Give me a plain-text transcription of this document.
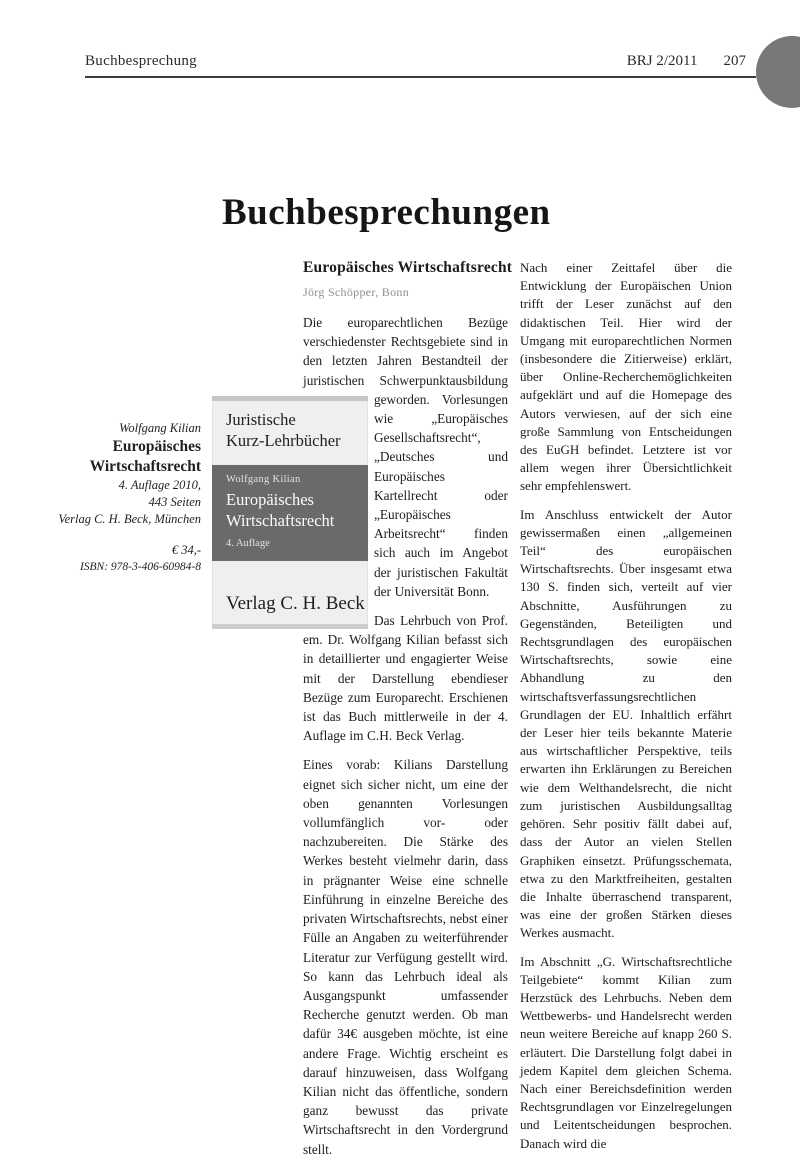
Buchbesprechung	BRJ 2/2011 207
Buchbesprechungen
Europäisches Wirtschaftsrecht
Jörg Schöpper, Bonn
Wolfgang Kilian
Europäisches
Wirtschaftsrecht
4. Auflage 2010,
443 Seiten
Verlag C. H. Beck, München
€ 34,-
ISBN: 978-3-406-60984-8
Juristische
Kurz-Lehrbücher
Wolfgang Kilian
Europäisches
Wirtschaftsrecht
4. Auflage
Verlag C. H. Beck

Die europarechtlichen Bezüge verschiedenster Rechtsgebiete sind in den letzten Jahren Bestandteil der juristischen Schwerpunktausbildung geworden. Vorlesungen wie „Europäisches Gesellschaftsrecht“, „Deutsches und Europäisches Kartellrecht oder „Europäisches Arbeitsrecht“ finden sich auch im Angebot der juristischen Fakultät der Universität Bonn.

Das Lehrbuch von Prof. em. Dr. Wolfgang Kilian befasst sich in detaillierter und engagierter Weise mit der Darstellung ebendieser Bezüge zum Europarecht. Erschienen ist das Buch mittlerweile in der 4. Auflage im C.H. Beck Verlag.

Eines vorab: Kilians Darstellung eignet sich sicher nicht, um eine der oben genannten Vorlesungen vollumfänglich vor- oder nachzubereiten. Die Stärke des Werkes besteht vielmehr darin, dass in prägnanter Weise eine schnelle Einführung in einzelne Bereiche des privaten Wirtschaftsrechts, nebst einer Fülle an Angaben zu weiterführender Literatur zur Verfügung gestellt wird. So kann das Lehrbuch ideal als Ausgangspunkt umfassender Recherche genutzt werden. Ob man dafür 34€ ausgeben möchte, ist eine andere Frage. Wichtig erscheint es darauf hinzuweisen, dass Wolfgang Kilian nicht das öffentliche, sondern ganz bewusst das private Wirtschaftsrecht in den Vordergrund stellt.

Nach einer Zeittafel über die Entwicklung der Europäischen Union trifft der Leser zunächst auf den didaktischen Teil. Hier wird der Umgang mit europarechtlichen Normen (insbesondere die Zitierweise) erklärt, über Online-Recherchemöglichkeiten aufgeklärt und auf die Homepage des Autors verwiesen, auf der sich eine große Sammlung von Entscheidungen des EuGH befindet. Letztere ist vor allem wegen ihrer Übersichtlichkeit sehr empfehlenswert.

Im Anschluss entwickelt der Autor gewissermaßen einen „allgemeinen Teil“ des europäischen Wirtschaftsrechts. Über insgesamt etwa 130 S. finden sich, verteilt auf vier Abschnitte, Ausführungen zu Gegenständen, Beteiligten und Rechtsgrundlagen des europäischen Wirtschaftsrechts, sowie eine Abhandlung zu den wirtschaftsverfassungsrechtlichen Grundlagen der EU. Inhaltlich erfährt der Leser hier teils bekannte Materie aus wirtschaftlicher Perspektive, teils erwarten ihn Erklärungen zu Bereichen wie dem Welthandelsrecht, die nicht zum juristischen Ausbildungsalltag gehören. Sehr positiv fällt dabei auf, dass der Autor an vielen Stellen Graphiken einsetzt. Prüfungsschemata, etwa zu den Marktfreiheiten, gestalten die Inhalte überraschend transparent, was eine der großen Stärken dieses Werkes ausmacht.

Im Abschnitt „G. Wirtschaftsrechtliche Teilgebiete“ kommt Kilian zum Herzstück des Lehrbuchs. Neben dem Wettbewerbs- und Handelsrecht werden neun weitere Bereiche auf knapp 260 S. erläutert. Die Darstellung folgt dabei in jedem Kapitel dem gleichen Schema. Nach einer Bereichsdefinition werden Rechtsgrundlagen vor Einzelregelungen und Leitentscheidungen besprochen. Danach wird die
